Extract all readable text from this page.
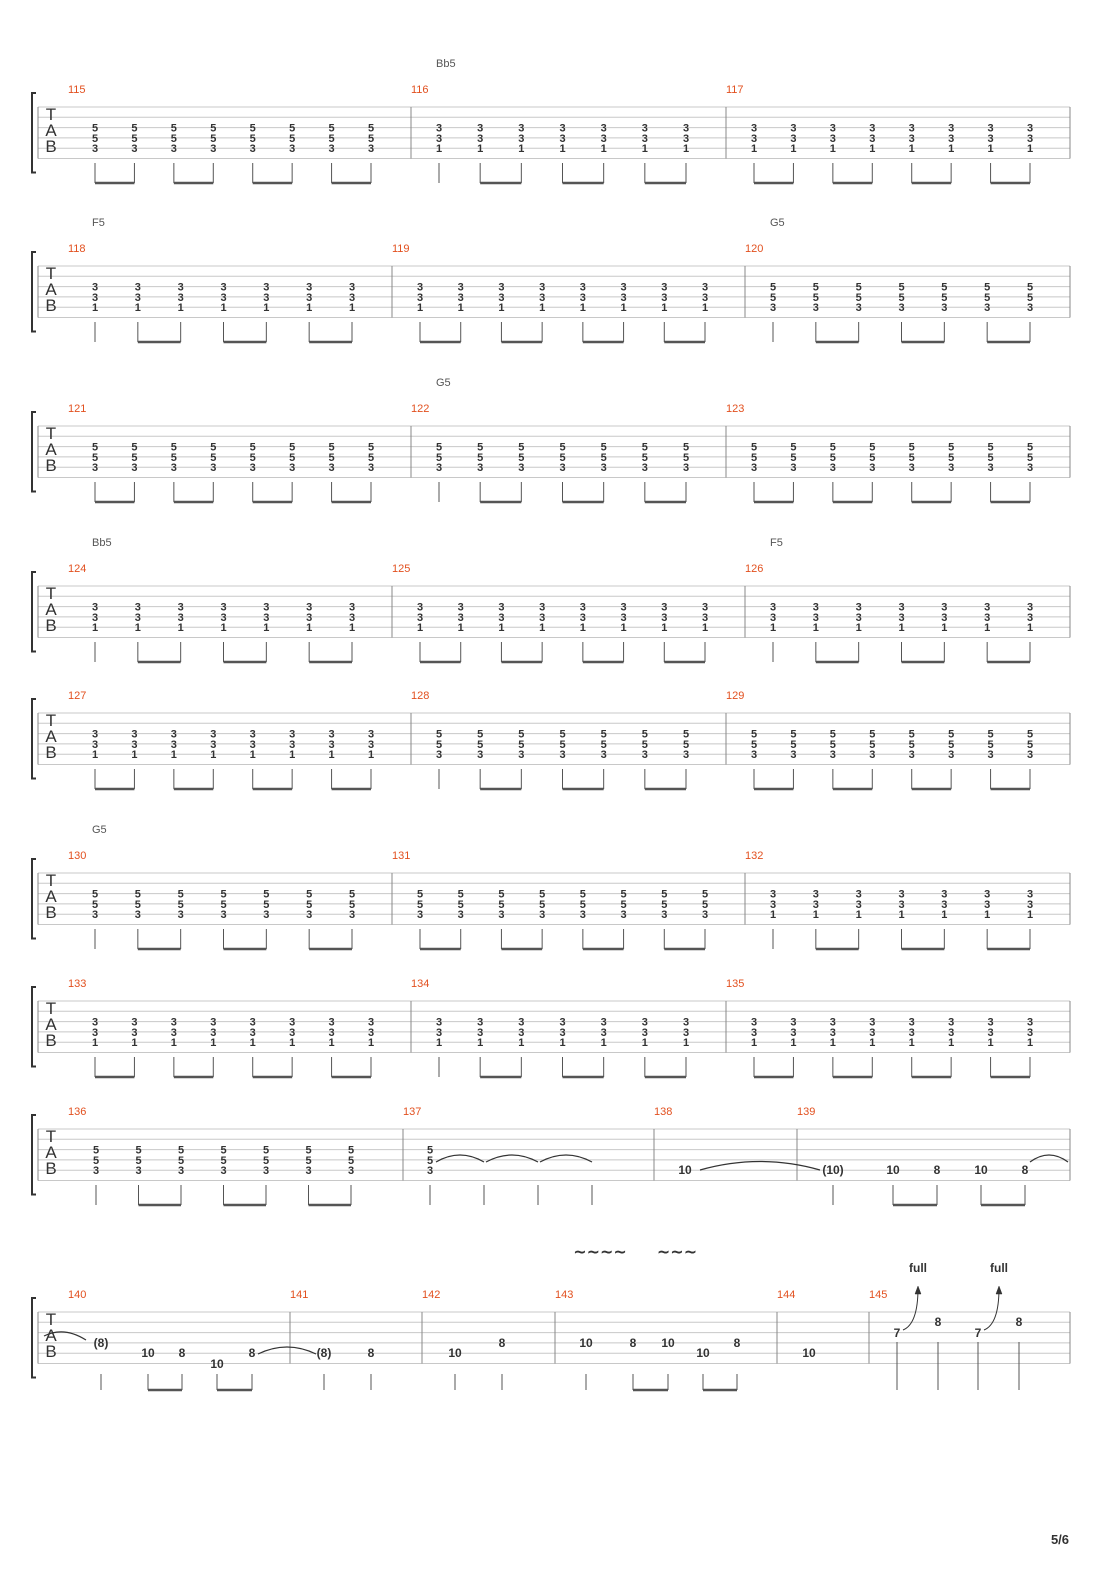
T
A
B
115
5
5
3
5
5
3
5
5
3
5
5
3
5
5
3
5
5
3
5
5
3
5
5
3
116
3
3
1
3
3
1
3
3
1
3
3
1
3
3
1
3
3
1
3
3
1
117
3
3
1
3
3
1
3
3
1
3
3
1
3
3
1
3
3
1
3
3
1
3
3
1
Bb5
T
A
B
118
3
3
1
3
3
1
3
3
1
3
3
1
3
3
1
3
3
1
3
3
1
119
3
3
1
3
3
1
3
3
1
3
3
1
3
3
1
3
3
1
3
3
1
3
3
1
120
5
5
3
5
5
3
5
5
3
5
5
3
5
5
3
5
5
3
5
5
3
F5	G5
T
A
B
121
5
5
3
5
5
3
5
5
3
5
5
3
5
5
3
5
5
3
5
5
3
5
5
3
122
5
5
3
5
5
3
5
5
3
5
5
3
5
5
3
5
5
3
5
5
3
123
5
5
3
5
5
3
5
5
3
5
5
3
5
5
3
5
5
3
5
5
3
5
5
3
G5
T
A
B
124
3
3
1
3
3
1
3
3
1
3
3
1
3
3
1
3
3
1
3
3
1
125
3
3
1
3
3
1
3
3
1
3
3
1
3
3
1
3
3
1
3
3
1
3
3
1
126
3
3
1
3
3
1
3
3
1
3
3
1
3
3
1
3
3
1
3
3
1
Bb5	F5
T
A
B
127
3
3
1
3
3
1
3
3
1
3
3
1
3
3
1
3
3
1
3
3
1
3
3
1
128
5
5
3
5
5
3
5
5
3
5
5
3
5
5
3
5
5
3
5
5
3
129
5
5
3
5
5
3
5
5
3
5
5
3
5
5
3
5
5
3
5
5
3
5
5
3
T
A
B
130
5
5
3
5
5
3
5
5
3
5
5
3
5
5
3
5
5
3
5
5
3
131
5
5
3
5
5
3
5
5
3
5
5
3
5
5
3
5
5
3
5
5
3
5
5
3
132
3
3
1
3
3
1
3
3
1
3
3
1
3
3
1
3
3
1
3
3
1
G5
T
A
B
133
3
3
1
3
3
1
3
3
1
3
3
1
3
3
1
3
3
1
3
3
1
3
3
1
134
3
3
1
3
3
1
3
3
1
3
3
1
3
3
1
3
3
1
3
3
1
135
3
3
1
3
3
1
3
3
1
3
3
1
3
3
1
3
3
1
3
3
1
3
3
1
T
A
B
136	137	138	139
5
5
3
5
5
3
5
5
3
5
5
3
5
5
3
5
5
3
5
5
3
5
5
3	10	(10)	10	8	10	8
T
A
B
140	141	142	143	144	145
(8)
10 8
10
8	(8)	8	10
8	10	8 10
10
8
10
7
8
7
8
full	full
~~~~ ~~~
5/6
